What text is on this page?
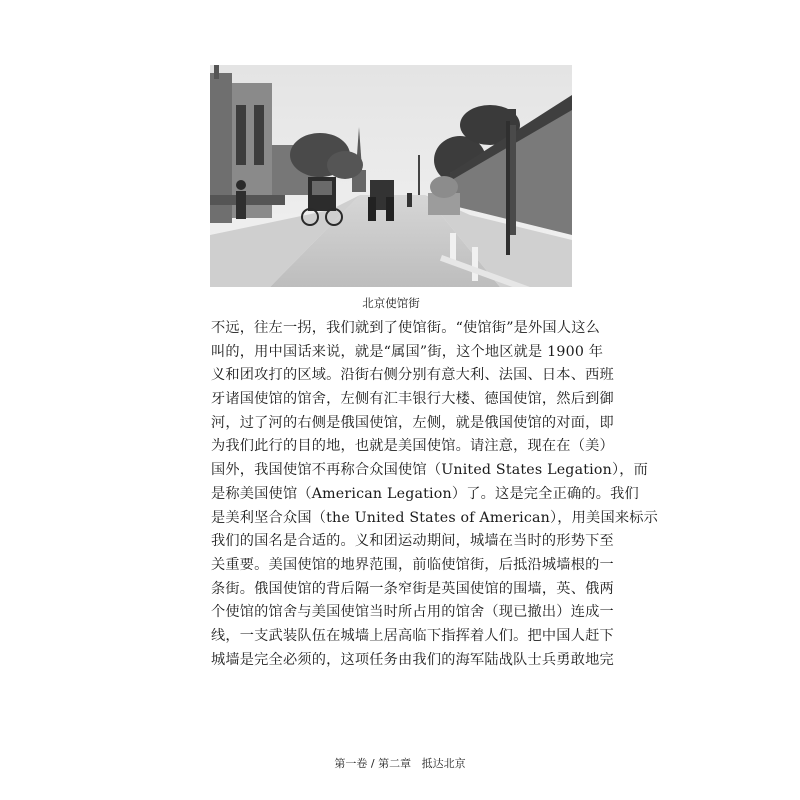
北京使馆街
不远，往左一拐，我们就到了使馆街。“使馆街”是外国人这么
叫的，用中国话来说，就是“属国”街，这个地区就是 1900 年
义和团攻打的区域。沿街右侧分别有意大利、法国、日本、西班
牙诸国使馆的馆舍，左侧有汇丰银行大楼、德国使馆，然后到御
河，过了河的右侧是俄国使馆，左侧，就是俄国使馆的对面，即
为我们此行的目的地，也就是美国使馆。请注意，现在在（美）
国外，我国使馆不再称合众国使馆（United States Legation），而
是称美国使馆（American Legation）了。这是完全正确的。我们
是美利坚合众国（the United States of American），用美国来标示
我们的国名是合适的。义和团运动期间，城墙在当时的形势下至
关重要。美国使馆的地界范围，前临使馆街，后抵沿城墙根的一
条街。俄国使馆的背后隔一条窄街是英国使馆的围墙，英、俄两
个使馆的馆舍与美国使馆当时所占用的馆舍（现已撤出）连成一
线，一支武装队伍在城墙上居高临下指挥着人们。把中国人赶下
城墙是完全必须的，这项任务由我们的海军陆战队士兵勇敢地完
第一卷 / 第二章 抵达北京
